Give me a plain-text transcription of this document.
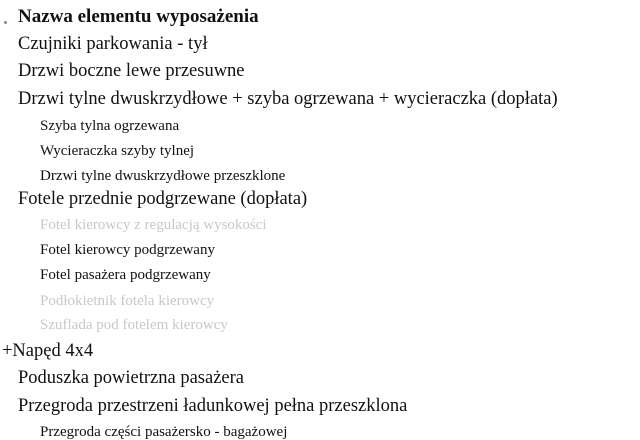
Nazwa elementu wyposażenia
Czujniki parkowania - tył
Drzwi boczne lewe przesuwne
Drzwi tylne dwuskrzydłowe + szyba ogrzewana + wycieraczka (dopłata)
Szyba tylna ogrzewana
Wycieraczka szyby tylnej
Drzwi tylne dwuskrzydłowe przeszklone
Fotele przednie podgrzewane (dopłata)
Fotel kierowcy z regulacją wysokości
Fotel kierowcy podgrzewany
Fotel pasażera podgrzewany
Podłokietnik fotela kierowcy
Szuflada pod fotelem kierowcy
+Napęd 4x4
Poduszka powietrzna pasażera
Przegroda przestrzeni ładunkowej pełna przeszklona
Przegroda części pasażersko - bagażowej
